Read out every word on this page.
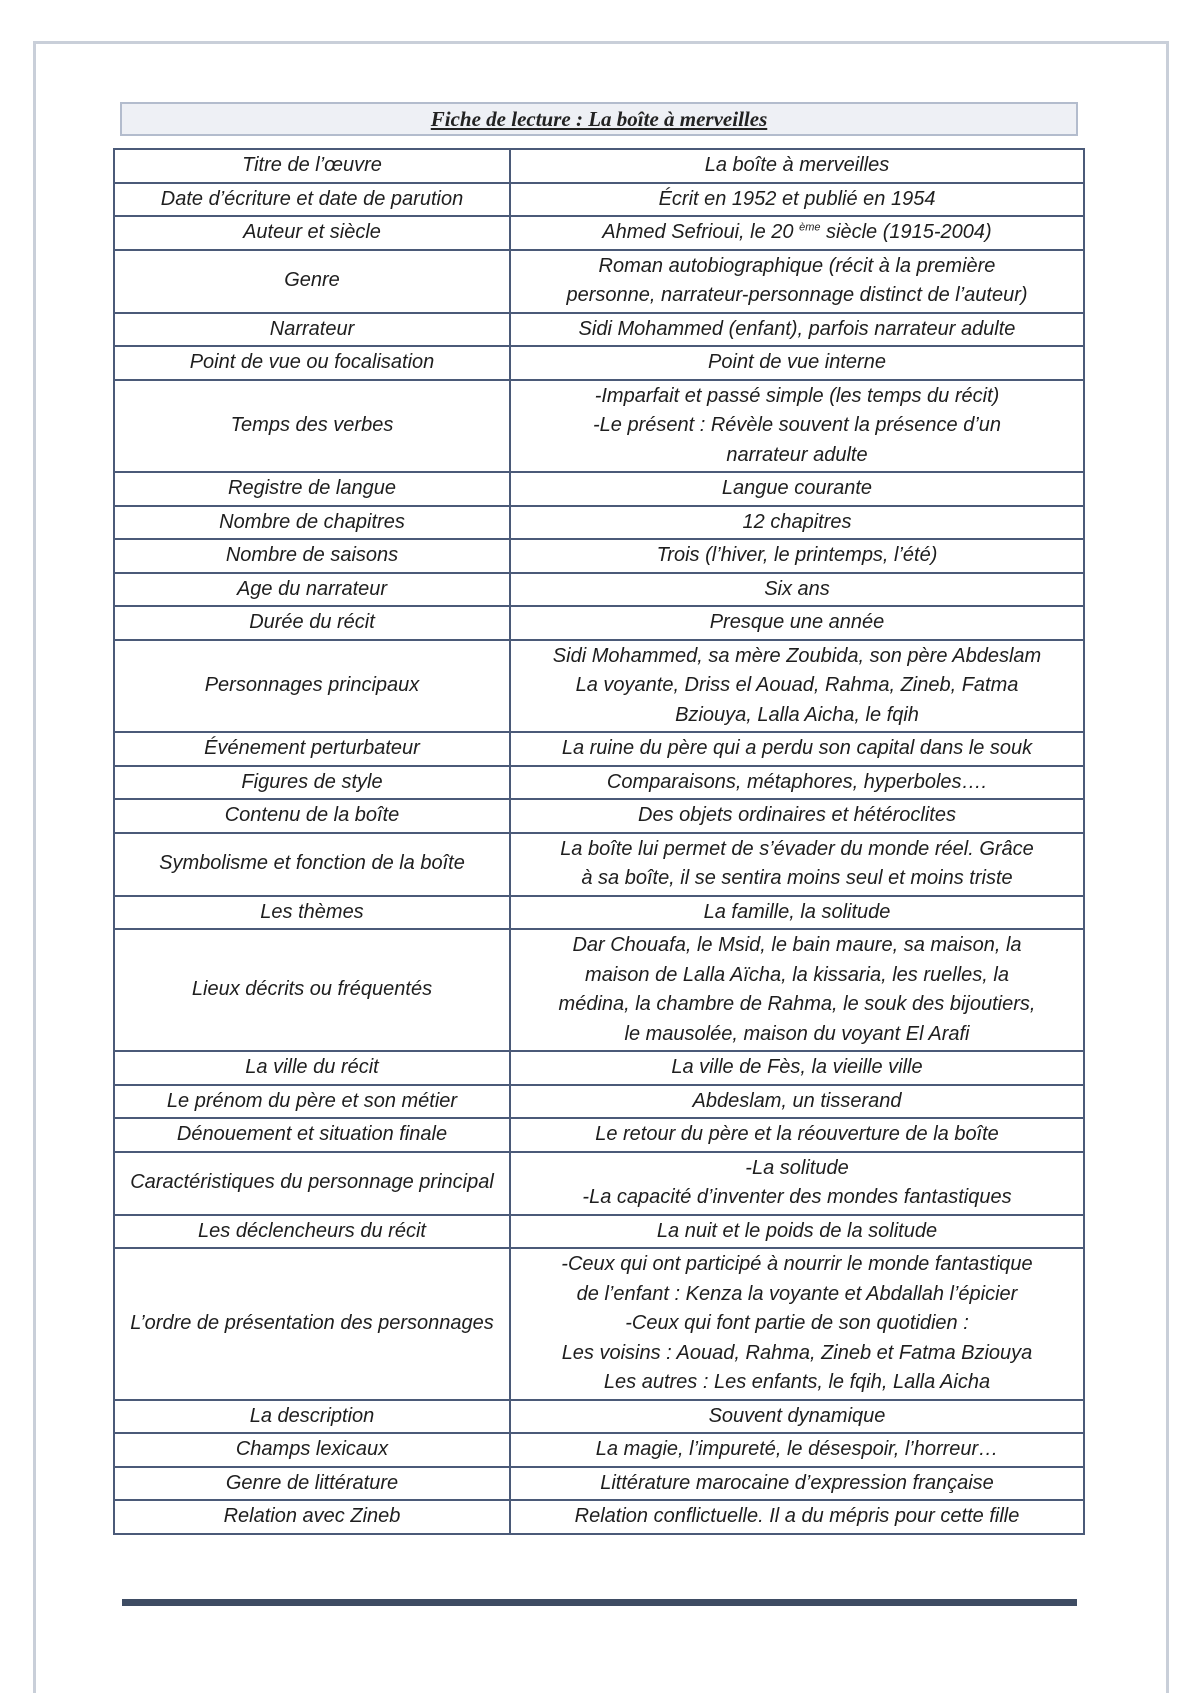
Fiche de lecture : La boîte à merveilles
Titre de l’œuvre	La boîte à merveilles

Date d’écriture et date de parution	Écrit en 1952 et publié en 1954

Auteur et siècle	Ahmed Sefrioui, le 20 $^{ème}$ siècle (1915-2004)

Genre	Roman autobiographique (récit à la première
personne, narrateur-personnage distinct de l’auteur)

Narrateur	Sidi Mohammed (enfant), parfois narrateur adulte

Point de vue ou focalisation	Point de vue interne

Temps des verbes	-Imparfait et passé simple (les temps du récit)
-Le présent : Révèle souvent la présence d’un
narrateur adulte

Registre de langue	Langue courante

Nombre de chapitres	12 chapitres

Nombre de saisons	Trois (l’hiver, le printemps, l’été)

Age du narrateur	Six ans

Durée du récit	Presque une année

Personnages principaux	Sidi Mohammed, sa mère Zoubida, son père Abdeslam
La voyante, Driss el Aouad, Rahma, Zineb, Fatma
Bziouya, Lalla Aicha, le fqih

Événement perturbateur	La ruine du père qui a perdu son capital dans le souk

Figures de style	Comparaisons, métaphores, hyperboles….

Contenu de la boîte	Des objets ordinaires et hétéroclites

Symbolisme et fonction de la boîte	La boîte lui permet de s’évader du monde réel. Grâce
à sa boîte, il se sentira moins seul et moins triste

Les thèmes	La famille, la solitude

Lieux décrits ou fréquentés	Dar Chouafa, le Msid, le bain maure, sa maison, la
maison de Lalla Aïcha, la kissaria, les ruelles, la
médina, la chambre de Rahma, le souk des bijoutiers,
le mausolée, maison du voyant El Arafi

La ville du récit	La ville de Fès, la vieille ville

Le prénom du père et son métier	Abdeslam, un tisserand

Dénouement et situation finale	Le retour du père et la réouverture de la boîte

Caractéristiques du personnage principal	-La solitude
-La capacité d’inventer des mondes fantastiques

Les déclencheurs du récit	La nuit et le poids de la solitude

L’ordre de présentation des personnages	-Ceux qui ont participé à nourrir le monde fantastique
de l’enfant : Kenza la voyante et Abdallah l’épicier
-Ceux qui font partie de son quotidien :
Les voisins : Aouad, Rahma, Zineb et Fatma Bziouya
Les autres : Les enfants, le fqih, Lalla Aicha

La description	Souvent dynamique

Champs lexicaux	La magie, l’impureté, le désespoir, l’horreur…

Genre de littérature	Littérature marocaine d’expression française

Relation avec Zineb	Relation conflictuelle. Il a du mépris pour cette fille
